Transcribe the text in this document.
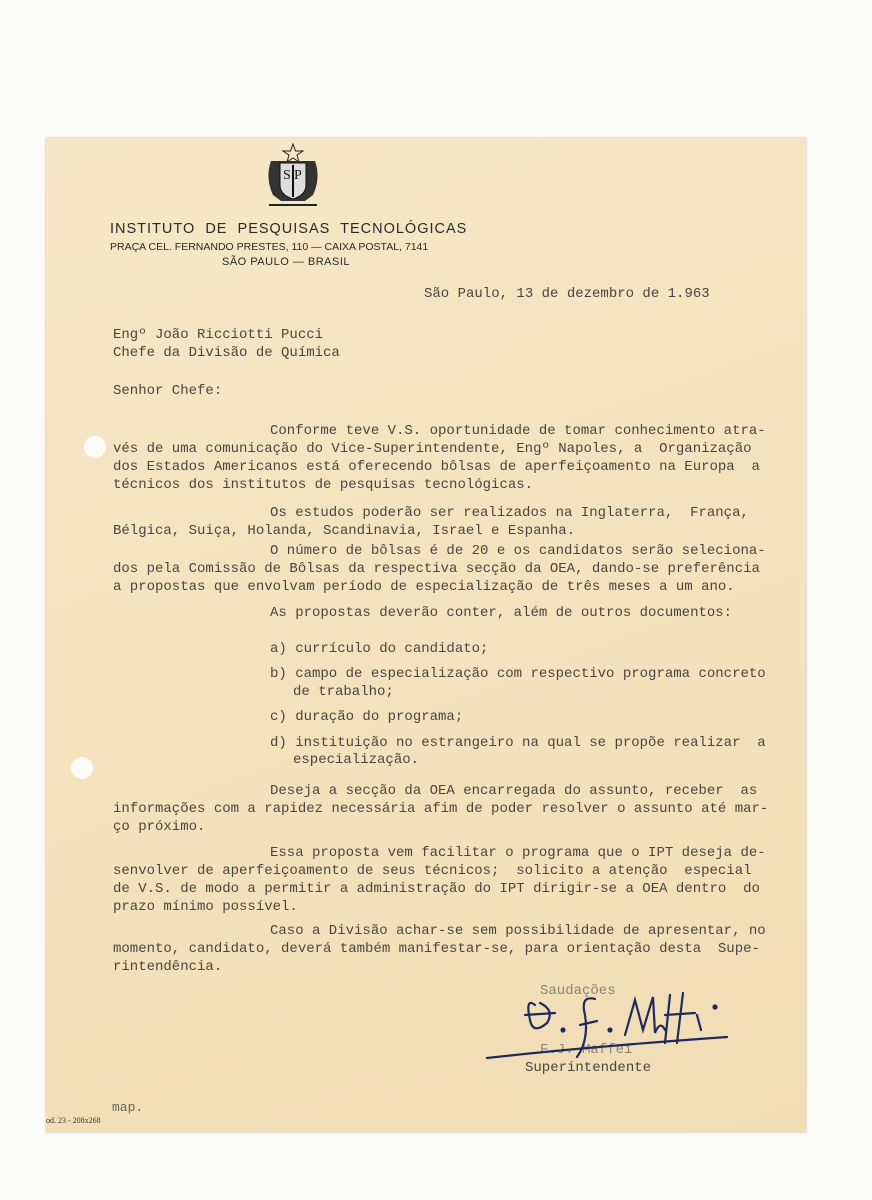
S P
INSTITUTO  DE  PESQUISAS  TECNOLÓGICAS
PRAÇA CEL. FERNANDO PRESTES, 110 — CAIXA POSTAL, 7141
SÃO PAULO — BRASIL
São Paulo, 13 de dezembro de 1.963
Engº João Ricciotti Pucci
Chefe da Divisão de Química
Senhor Chefe:
Conforme teve V.S. oportunidade de tomar conhecimento atra-
vés de uma comunicação do Vice-Superintendente, Engº Napoles, a  Organização
dos Estados Americanos está oferecendo bôlsas de aperfeiçoamento na Europa  a
técnicos dos institutos de pesquisas tecnológicas.
Os estudos poderão ser realizados na Inglaterra,  França,
Bélgica, Suiça, Holanda, Scandinavia, Israel e Espanha.
O número de bôlsas é de 20 e os candidatos serão seleciona-
dos pela Comissão de Bôlsas da respectiva secção da OEA, dando-se preferência
a propostas que envolvam período de especialização de três meses a um ano.
As propostas deverão conter, além de outros documentos:
a) currículo do candidato;
b) campo de especialização com respectivo programa concreto
de trabalho;
c) duração do programa;
d) instituição no estrangeiro na qual se propõe realizar  a
especialização.
Deseja a secção da OEA encarregada do assunto, receber  as
informações com a rapidez necessária afim de poder resolver o assunto até mar-
ço próximo.
Essa proposta vem facilitar o programa que o IPT deseja de-
senvolver de aperfeiçoamento de seus técnicos;  solicito a atenção  especial
de V.S. de modo a permitir a administração do IPT dirigir-se a OEA dentro  do
prazo mínimo possível.
Caso a Divisão achar-se sem possibilidade de apresentar, no
momento, candidato, deverá também manifestar-se, para orientação desta  Supe-
rintendência.
Saudações
F.J. Maffei
Superintendente
map.
od. 23 - 208x268
